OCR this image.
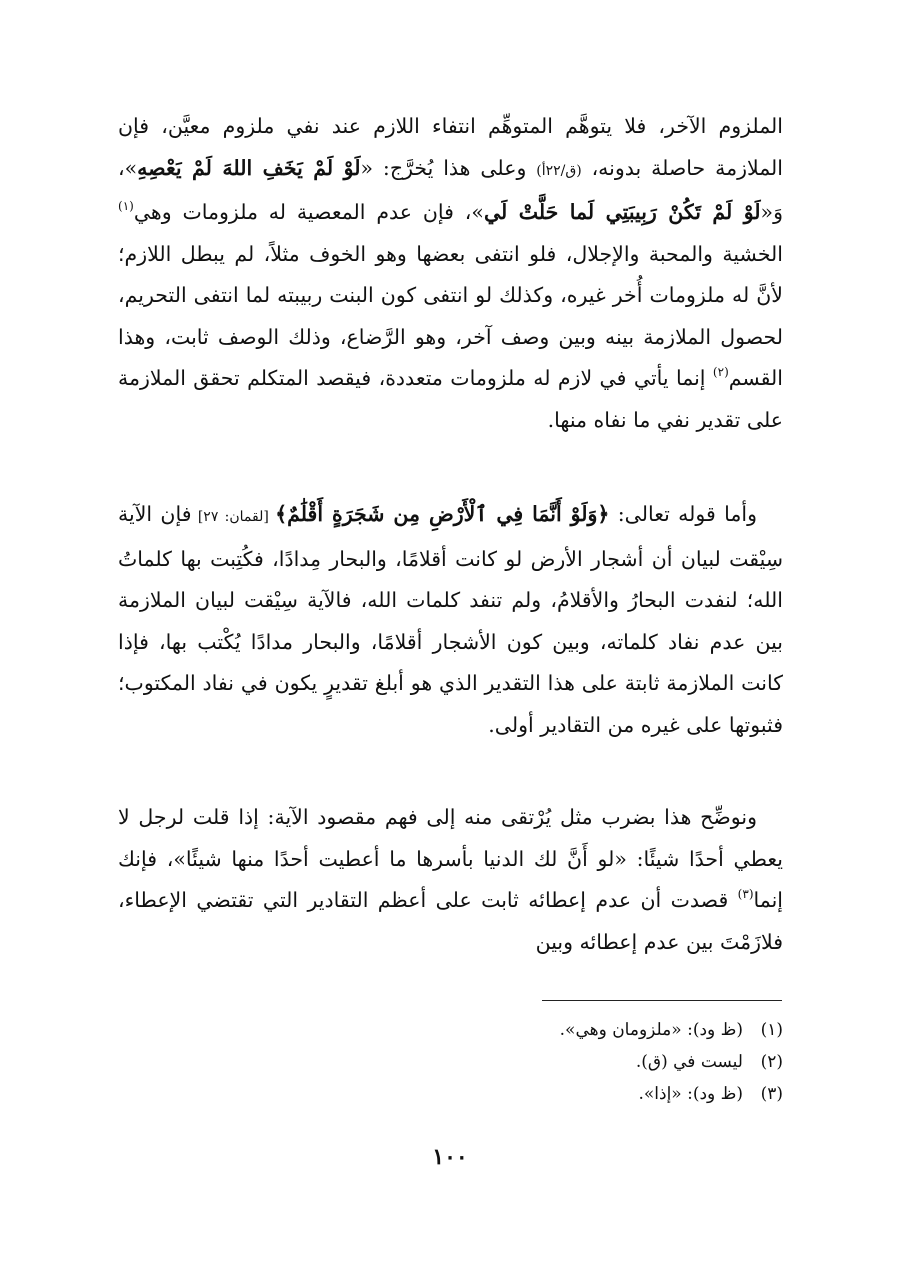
الملزوم الآخر، فلا يتوهَّم المتوهِّم انتفاء اللازم عند نفي ملزوم معيَّن، فإن الملازمة حاصلة بدونه، (ق/٢٢أ) وعلى هذا يُخرَّج: «لَوْ لَمْ يَخَفِ اللهَ لَمْ يَعْصِهِ»، وَ«لَوْ لَمْ تَكُنْ رَبِيبَتِي لَما حَلَّتْ لَي»، فإن عدم المعصية له ملزومات وهي$^{(١)}$ الخشية والمحبة والإجلال، فلو انتفى بعضها وهو الخوف مثلاً، لم يبطل اللازم؛ لأنَّ له ملزومات أُخر غيره، وكذلك لو انتفى كون البنت ربيبته لما انتفى التحريم، لحصول الملازمة بينه وبين وصف آخر، وهو الرَّضاع، وذلك الوصف ثابت، وهذا القسم$^{(٢)}$ إنما يأتي في لازم له ملزومات متعددة، فيقصد المتكلم تحقق الملازمة على تقدير نفي ما نفاه منها.

وأما قوله تعالى: ﴿وَلَوْ أَنَّمَا فِي ٱلْأَرْضِ مِن شَجَرَةٍ أَقْلَٰمٌ﴾ [لقمان: ٢٧] فإن الآية سِيْقت لبيان أن أشجار الأرض لو كانت أقلامًا، والبحار مِدادًا، فكُتِبت بها كلماتُ الله؛ لنفدت البحارُ والأقلامُ، ولم تنفد كلمات الله، فالآية سِيْقت لبيان الملازمة بين عدم نفاد كلماته، وبين كون الأشجار أقلامًا، والبحار مدادًا يُكْتب بها، فإذا كانت الملازمة ثابتة على هذا التقدير الذي هو أبلغ تقديرٍ يكون في نفاد المكتوب؛ فثبوتها على غيره من التقادير أولى.

ونوضِّح هذا بضرب مثل يُرْتقى منه إلى فهم مقصود الآية: إذا قلت لرجل لا يعطي أحدًا شيئًا: «لو أَنَّ لك الدنيا بأسرها ما أعطيت أحدًا منها شيئًا»، فإنك إنما$^{(٣)}$ قصدت أن عدم إعطائه ثابت على أعظم التقادير التي تقتضي الإعطاء، فلازَمْتَ بين عدم إعطائه وبين

(١)(ظ ود): «ملزومان وهي».
(٢)ليست في (ق).
(٣)(ظ ود): «إذا».
١٠٠
